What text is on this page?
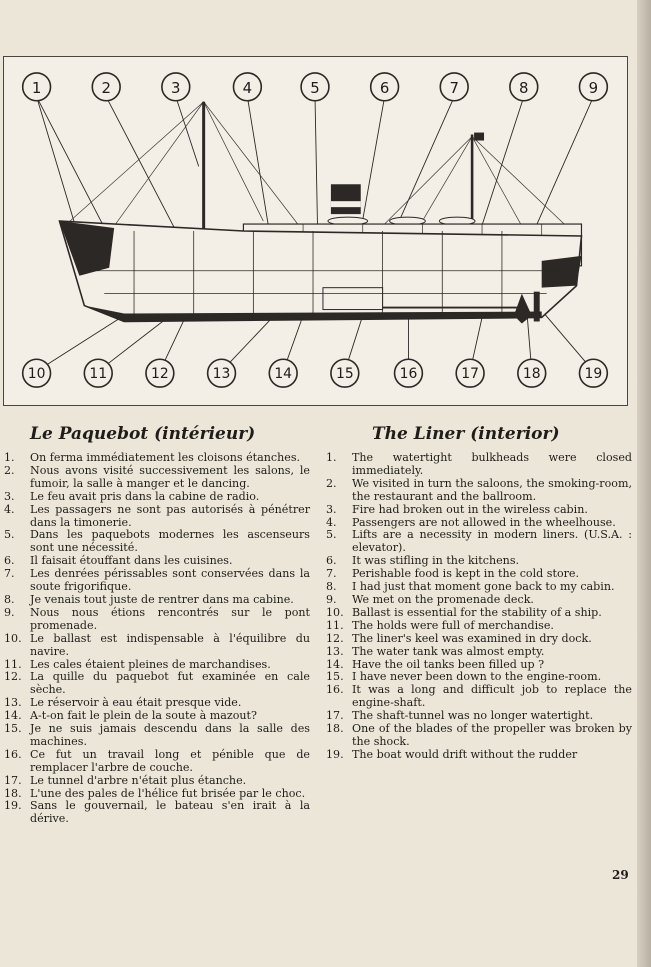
1	2	3	4	5	6	7	8	9
10	11	12	13	14	15	16	17	18	19
Le Paquebot (intérieur)	The Liner (interior)
1.	On ferma immédiatement les cloisons étanches.
2.	Nous avons visité successivement les salons, le fumoir, la salle à manger et le dancing.
3.	Le feu avait pris dans la cabine de radio.
4.	Les passagers ne sont pas autorisés à pénétrer dans la timonerie.
5.	Dans les paquebots modernes les ascenseurs sont une nécessité.
6.	Il faisait étouffant dans les cuisines.
7.	Les denrées périssables sont conservées dans la soute frigorifique.
8.	Je venais tout juste de rentrer dans ma cabine.
9.	Nous nous étions rencontrés sur le pont promenade.
10. Le ballast est indispensable à l'équilibre du navire.
11. Les cales étaient pleines de marchandises.
12. La quille du paquebot fut examinée en cale sèche.
13. Le réservoir à eau était presque vide.
14. A-t-on fait le plein de la soute à mazout?
15. Je ne suis jamais descendu dans la salle des machines.
16. Ce fut un travail long et pénible que de remplacer l'arbre de couche.
17. Le tunnel d'arbre n'était plus étanche.
18. L'une des pales de l'hélice fut brisée par le choc.
19. Sans le gouvernail, le bateau s'en irait à la dérive.
1.	The watertight bulkheads were closed immediately.
2.	We visited in turn the saloons, the smoking-room, the restaurant and the ballroom.
3.	Fire had broken out in the wireless cabin.
4.	Passengers are not allowed in the wheelhouse.
5.	Lifts are a necessity in modern liners. (U.S.A. : elevator).
6.	It was stifling in the kitchens.
7.	Perishable food is kept in the cold store.
8.	I had just that moment gone back to my cabin.
9.	We met on the promenade deck.
10. Ballast is essential for the stability of a ship.
11. The holds were full of merchandise.
12. The liner's keel was examined in dry dock.
13. The water tank was almost empty.
14. Have the oil tanks been filled up ?
15. I have never been down to the engine-room.
16. It was a long and difficult job to replace the engine-shaft.
17. The shaft-tunnel was no longer watertight.
18. One of the blades of the propeller was broken by the shock.
19. The boat would drift without the rudder
29
